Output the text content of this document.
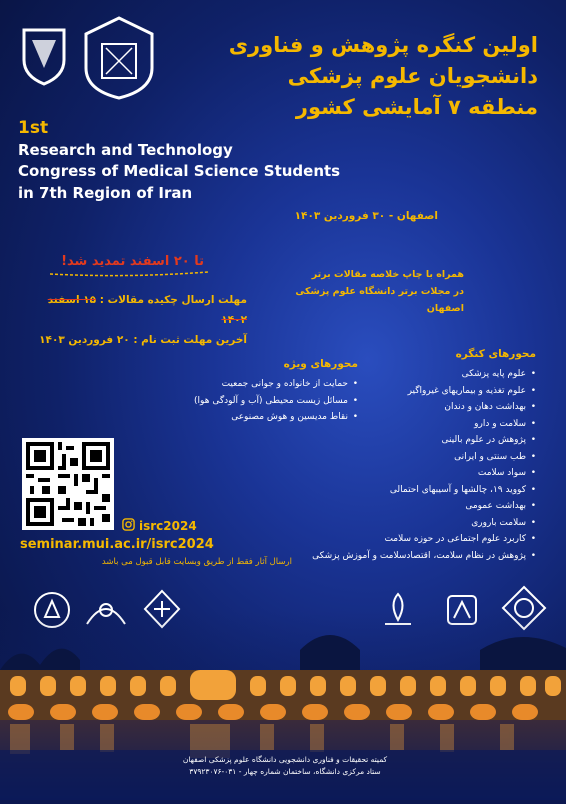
اولین کنگره پژوهش و فناوری
دانشجویان علوم پزشکی
منطقه ۷ آمایشی کشور
1st
Research and Technology
Congress of Medical Science Students
in 7th Region of Iran
اصفهان - ۳۰ فروردین ۱۴۰۳
تا ۲۰ اسفند تمدید شد!
همراه با چاپ خلاصه مقالات برتر
در مجلات برتر دانشگاه علوم پزشکی اصفهان
مهلت ارسال چکیده مقالات : ۱۵ اسفند ۱۴۰۲
آخرین مهلت ثبت نام : ۲۰ فروردین ۱۴۰۳
محورهای ویژه
• حمایت از خانواده و جوانی جمعیت
• مسائل زیست محیطی (آب و آلودگی هوا)
• نقاط مدیسین و هوش مصنوعی
محورهای کنگره
• علوم پایه پزشکی
• علوم تغذیه و بیماریهای غیرواگیر
• بهداشت دهان و دندان
• سلامت و دارو
• پژوهش در علوم بالینی
• طب سنتی و ایرانی
• سواد سلامت
• کووید ۱۹، چالشها و آسیبهای احتمالی
• بهداشت عمومی
• سلامت باروری
• کاربرد علوم اجتماعی در حوزه سلامت
• پژوهش در نظام سلامت، اقتصادسلامت و آموزش پزشکی
isrc2024
seminar.mui.ac.ir/isrc2024
ارسال آثار فقط از طریق وبسایت قابل قبول می باشد
کمیته تحقیقات و فناوری دانشجویی دانشگاه علوم پزشکی اصفهان
ستاد مرکزی دانشگاه، ساختمان شماره چهار - ۰۳۱-۳۷۹۲۳۰۷۶
